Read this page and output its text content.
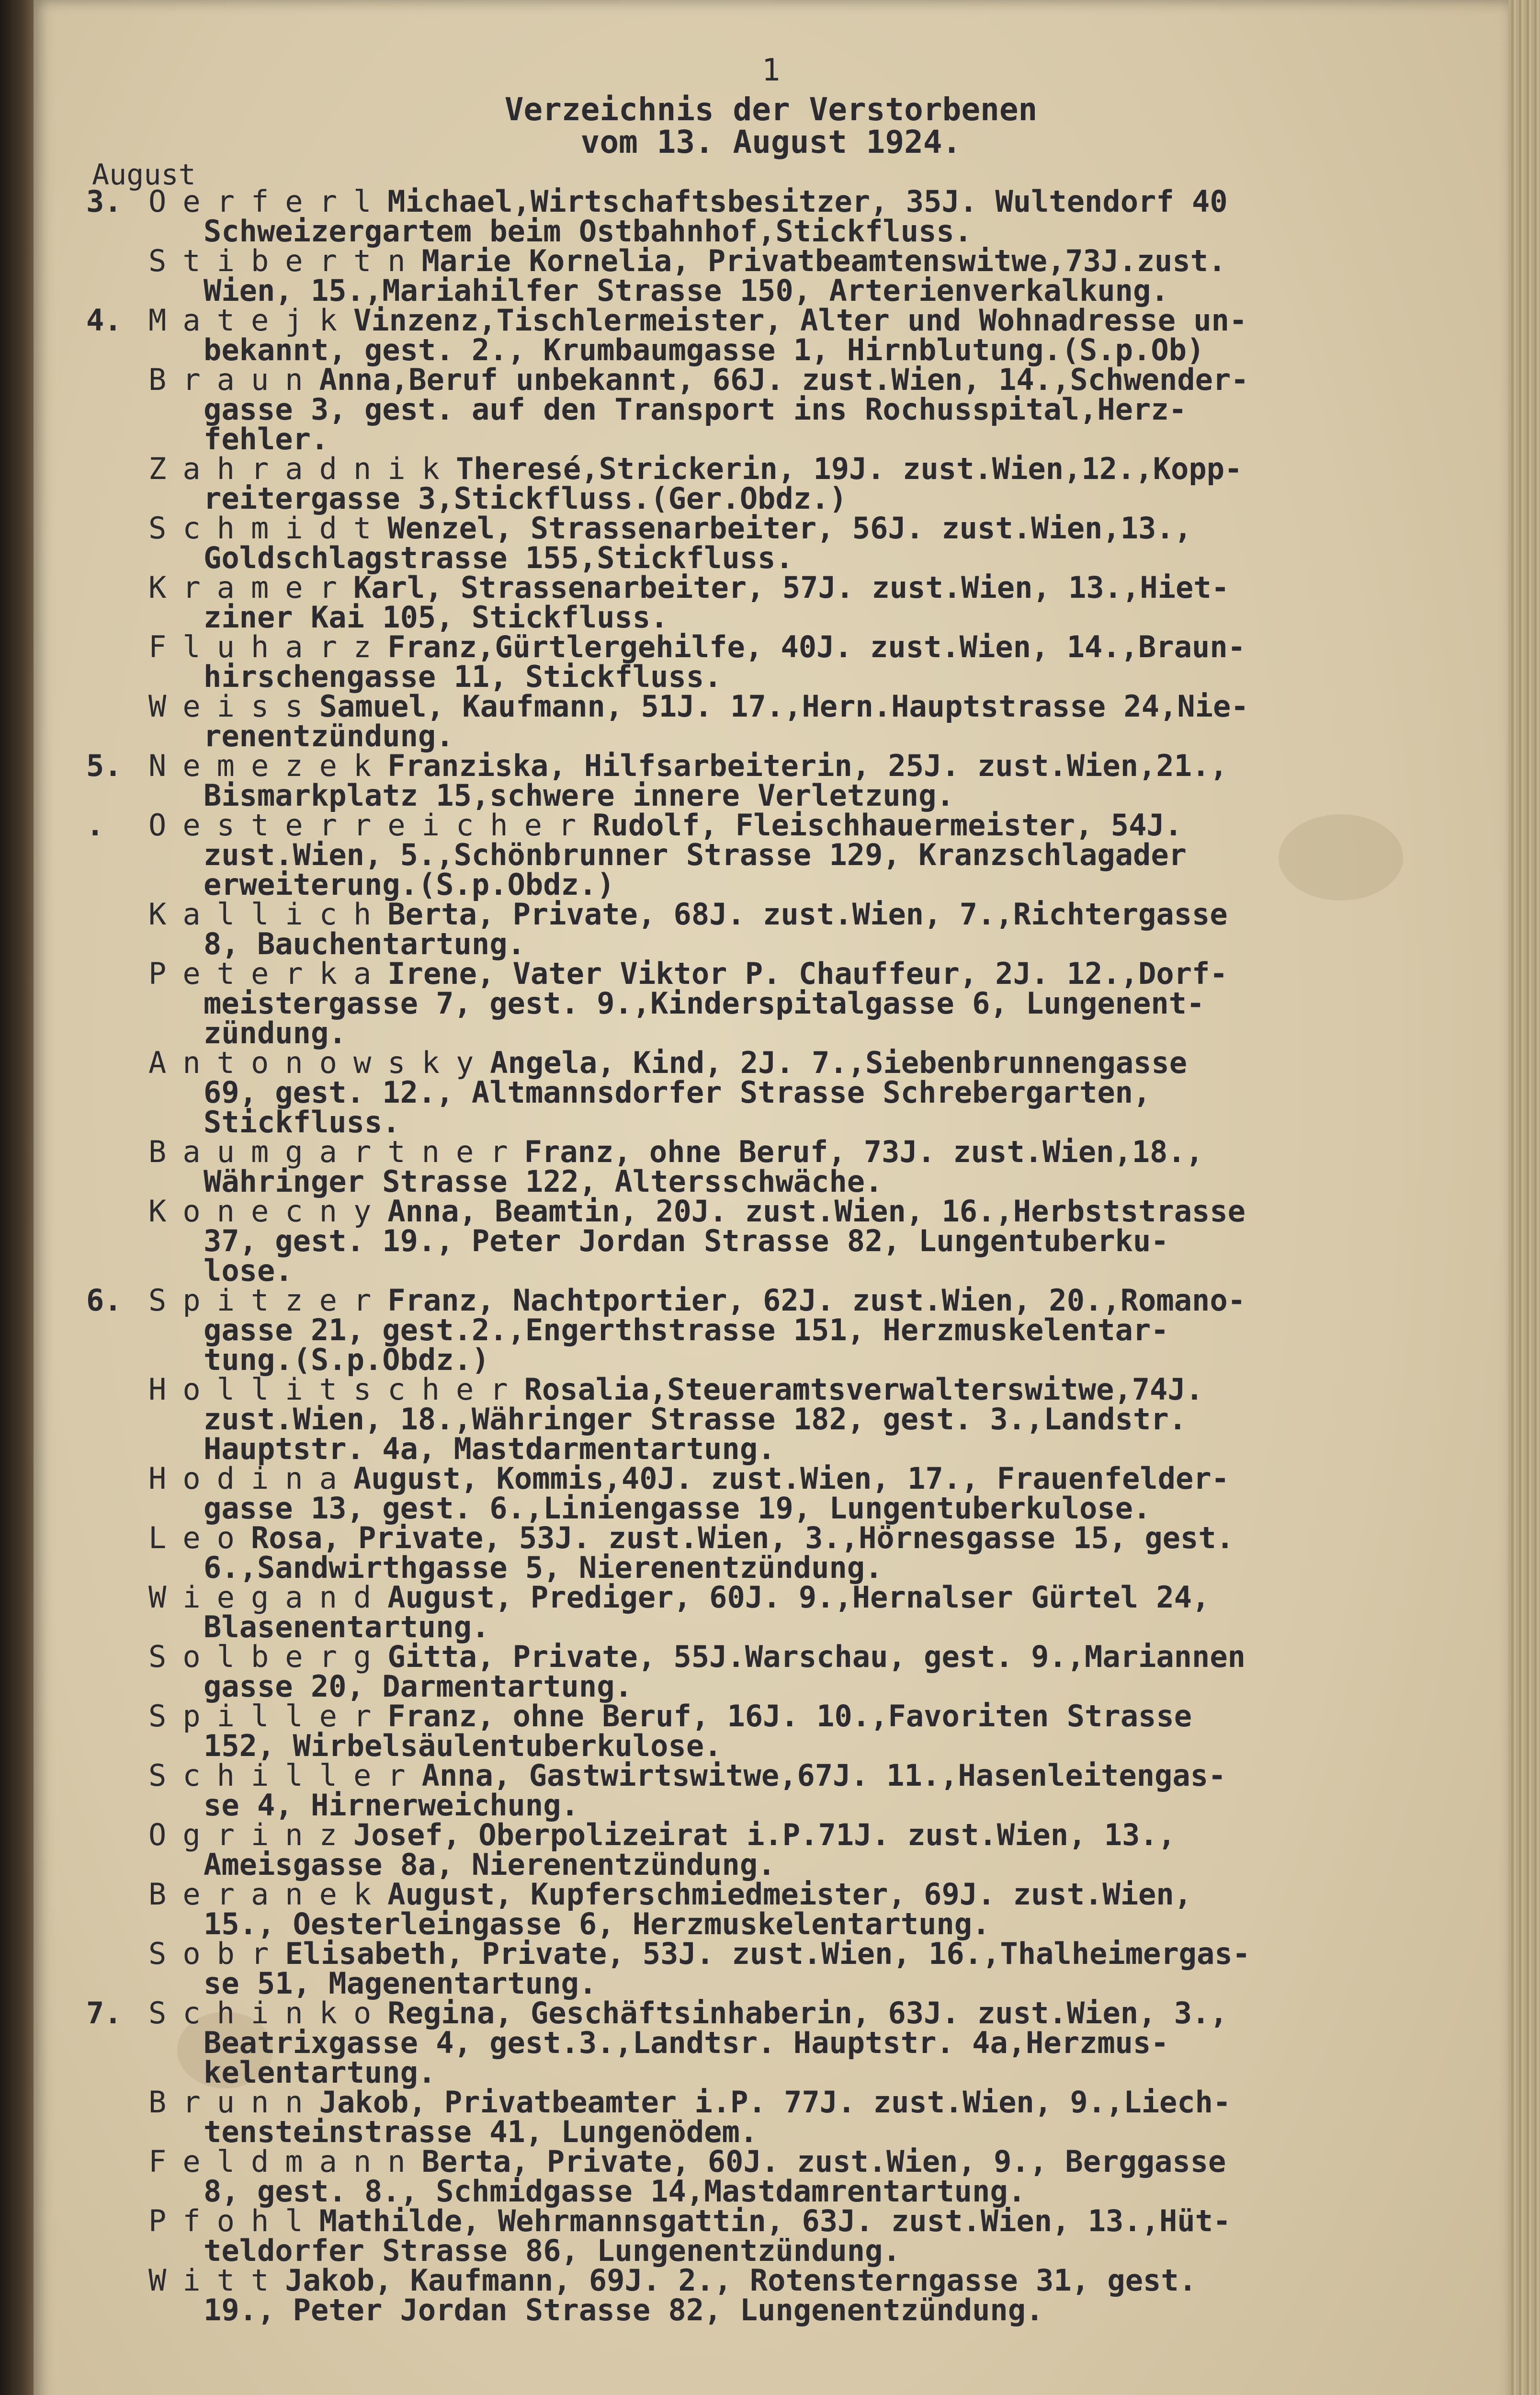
1
Verzeichnis der Verstorbenen
vom 13. August 1924.
August
3. OerferlMichael,Wirtschaftsbesitzer, 35J. Wultendorf 40
Schweizergartem beim Ostbahnhof,Stickfluss.
StibertnMarie Kornelia, Privatbeamtenswitwe,73J.zust.
Wien, 15.,Mariahilfer Strasse 150, Arterienverkalkung.
4. MatejkVinzenz,Tischlermeister, Alter und Wohnadresse un-
bekannt, gest. 2., Krumbaumgasse 1, Hirnblutung.(S.p.Ob)
BraunAnna,Beruf unbekannt, 66J. zust.Wien, 14.,Schwender-
gasse 3, gest. auf den Transport ins Rochusspital,Herz-
fehler.
ZahradnikTheresé,Strickerin, 19J. zust.Wien,12.,Kopp-
reitergasse 3,Stickfluss.(Ger.Obdz.)
SchmidtWenzel, Strassenarbeiter, 56J. zust.Wien,13.,
Goldschlagstrasse 155,Stickfluss.
KramerKarl, Strassenarbeiter, 57J. zust.Wien, 13.,Hiet-
ziner Kai 105, Stickfluss.
FluharzFranz,Gürtlergehilfe, 40J. zust.Wien, 14.,Braun-
hirschengasse 11, Stickfluss.
WeissSamuel, Kaufmann, 51J. 17.,Hern.Hauptstrasse 24,Nie-
renentzündung.
5. NemezekFranziska, Hilfsarbeiterin, 25J. zust.Wien,21.,
Bismarkplatz 15,schwere innere Verletzung.
.	OesterreicherRudolf, Fleischhauermeister, 54J.
zust.Wien, 5.,Schönbrunner Strasse 129, Kranzschlagader
erweiterung.(S.p.Obdz.)
KallichBerta, Private, 68J. zust.Wien, 7.,Richtergasse
8, Bauchentartung.
PeterkaIrene, Vater Viktor P. Chauffeur, 2J. 12.,Dorf-
meistergasse 7, gest. 9.,Kinderspitalgasse 6, Lungenent-
zündung.
AntonowskyAngela, Kind, 2J. 7.,Siebenbrunnengasse
69, gest. 12., Altmannsdorfer Strasse Schrebergarten,
Stickfluss.
BaumgartnerFranz, ohne Beruf, 73J. zust.Wien,18.,
Währinger Strasse 122, Altersschwäche.
KonecnyAnna, Beamtin, 20J. zust.Wien, 16.,Herbststrasse
37, gest. 19., Peter Jordan Strasse 82, Lungentuberku-
lose.
6. SpitzerFranz, Nachtportier, 62J. zust.Wien, 20.,Romano-
gasse 21, gest.2.,Engerthstrasse 151, Herzmuskelentar-
tung.(S.p.Obdz.)
HollitscherRosalia,Steueramtsverwalterswitwe,74J.
zust.Wien, 18.,Währinger Strasse 182, gest. 3.,Landstr.
Hauptstr. 4a, Mastdarmentartung.
HodinaAugust, Kommis,40J. zust.Wien, 17., Frauenfelder-
gasse 13, gest. 6.,Liniengasse 19, Lungentuberkulose.
LeoRosa, Private, 53J. zust.Wien, 3.,Hörnesgasse 15, gest.
6.,Sandwirthgasse 5, Nierenentzündung.
WiegandAugust, Prediger, 60J. 9.,Hernalser Gürtel 24,
Blasenentartung.
SolbergGitta, Private, 55J.Warschau, gest. 9.,Mariannen
gasse 20, Darmentartung.
SpillerFranz, ohne Beruf, 16J. 10.,Favoriten Strasse
152, Wirbelsäulentuberkulose.
SchillerAnna, Gastwirtswitwe,67J. 11.,Hasenleitengas-
se 4, Hirnerweichung.
OgrinzJosef, Oberpolizeirat i.P.71J. zust.Wien, 13.,
Ameisgasse 8a, Nierenentzündung.
BeranekAugust, Kupferschmiedmeister, 69J. zust.Wien,
15., Oesterleingasse 6, Herzmuskelentartung.
SobrElisabeth, Private, 53J. zust.Wien, 16.,Thalheimergas-
se 51, Magenentartung.
7. SchinkoRegina, Geschäftsinhaberin, 63J. zust.Wien, 3.,
Beatrixgasse 4, gest.3.,Landtsr. Hauptstr. 4a,Herzmus-
kelentartung.
BrunnJakob, Privatbeamter i.P. 77J. zust.Wien, 9.,Liech-
tensteinstrasse 41, Lungenödem.
FeldmannBerta, Private, 60J. zust.Wien, 9., Berggasse
8, gest. 8., Schmidgasse 14,Mastdamrentartung.
PfohlMathilde, Wehrmannsgattin, 63J. zust.Wien, 13.,Hüt-
teldorfer Strasse 86, Lungenentzündung.
WittJakob, Kaufmann, 69J. 2., Rotensterngasse 31, gest.
19., Peter Jordan Strasse 82, Lungenentzündung.
